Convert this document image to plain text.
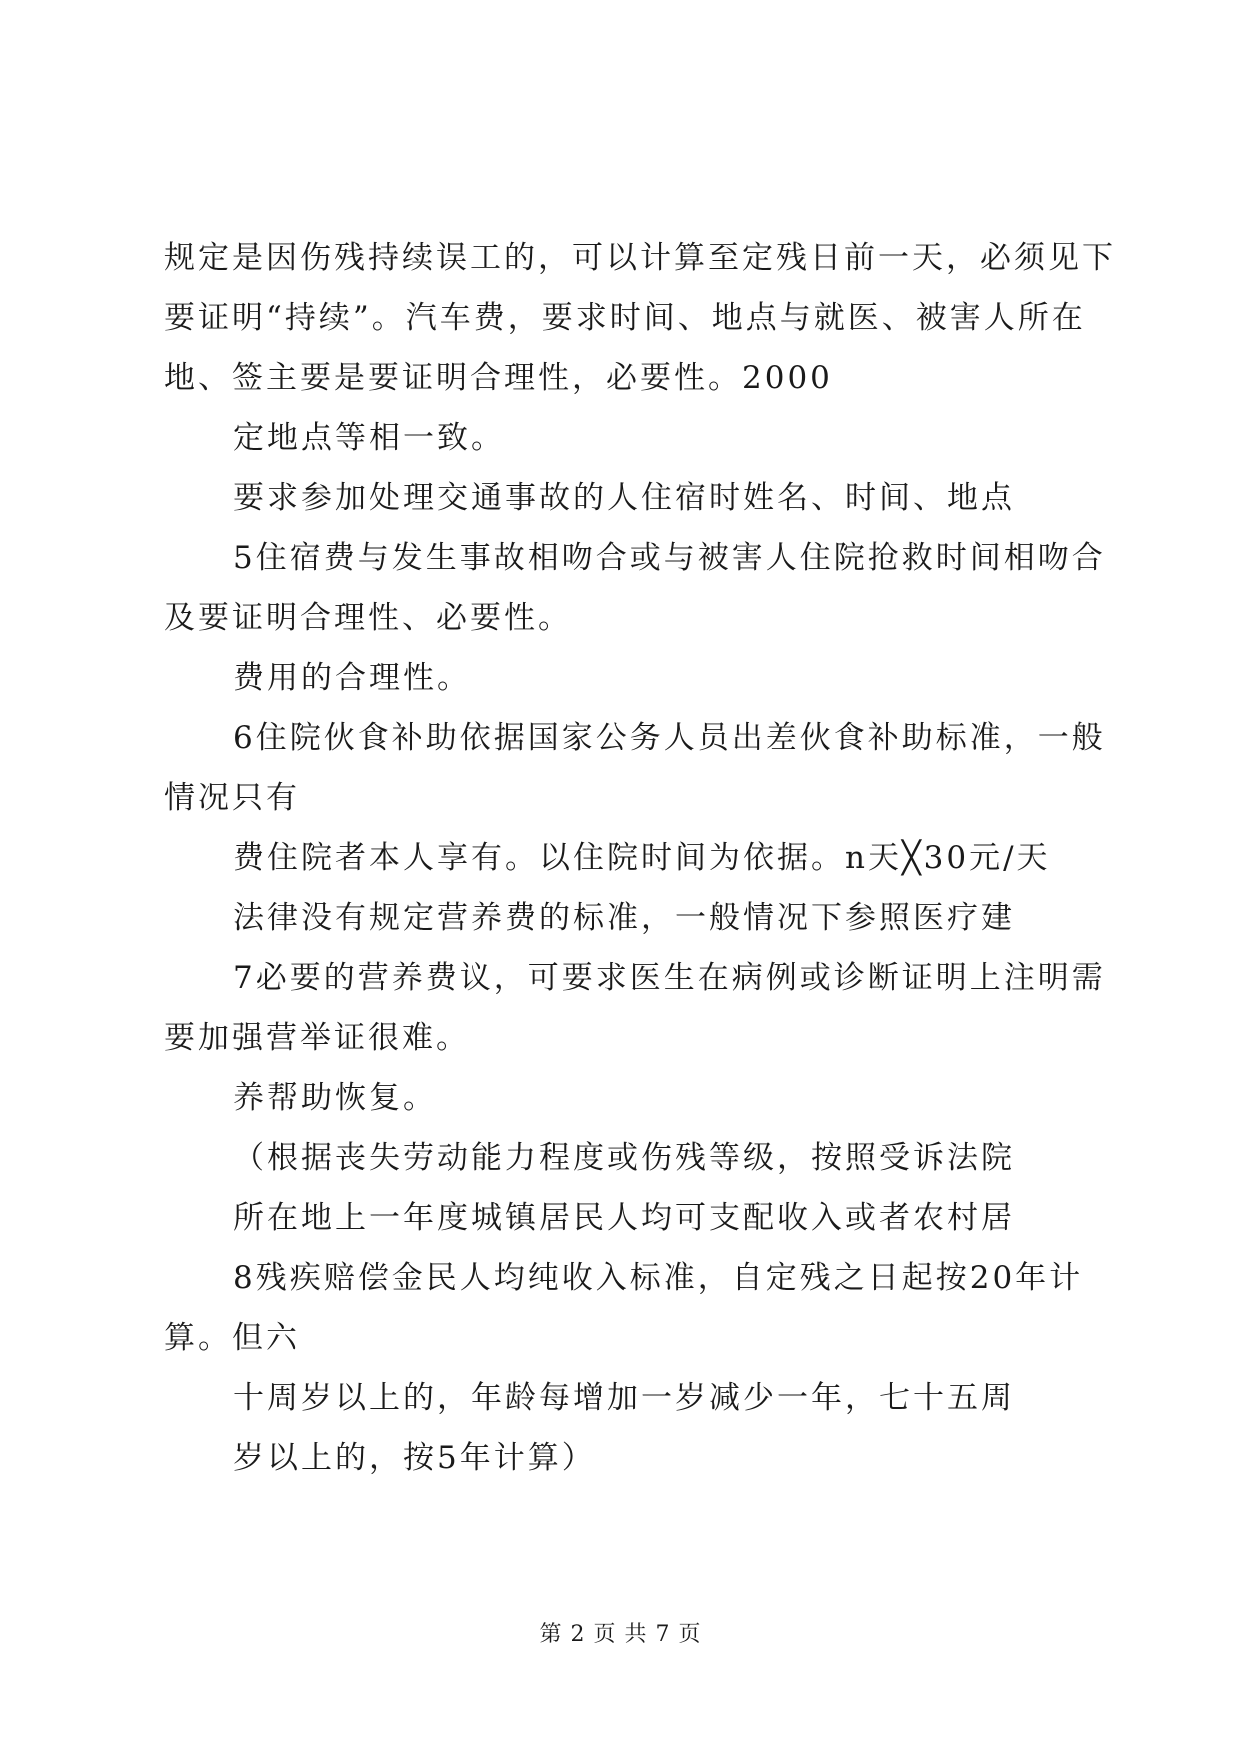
规定是因伤残持续误工的，可以计算至定残日前一天，必须见下
要证明“持续”。汽车费，要求时间、地点与就医、被害人所在
地、签主要是要证明合理性，必要性。2000
定地点等相一致。
要求参加处理交通事故的人住宿时姓名、时间、地点
5住宿费与发生事故相吻合或与被害人住院抢救时间相吻合
及要证明合理性、必要性。
费用的合理性。
6住院伙食补助依据国家公务人员出差伙食补助标准，一般
情况只有
费住院者本人享有。以住院时间为依据。n天╳30元/天
法律没有规定营养费的标准，一般情况下参照医疗建
7必要的营养费议，可要求医生在病例或诊断证明上注明需
要加强营举证很难。
养帮助恢复。
（根据丧失劳动能力程度或伤残等级，按照受诉法院
所在地上一年度城镇居民人均可支配收入或者农村居
8残疾赔偿金民人均纯收入标准，自定残之日起按20年计
算。但六
十周岁以上的，年龄每增加一岁减少一年，七十五周
岁以上的，按5年计算）
第 2 页 共 7 页
